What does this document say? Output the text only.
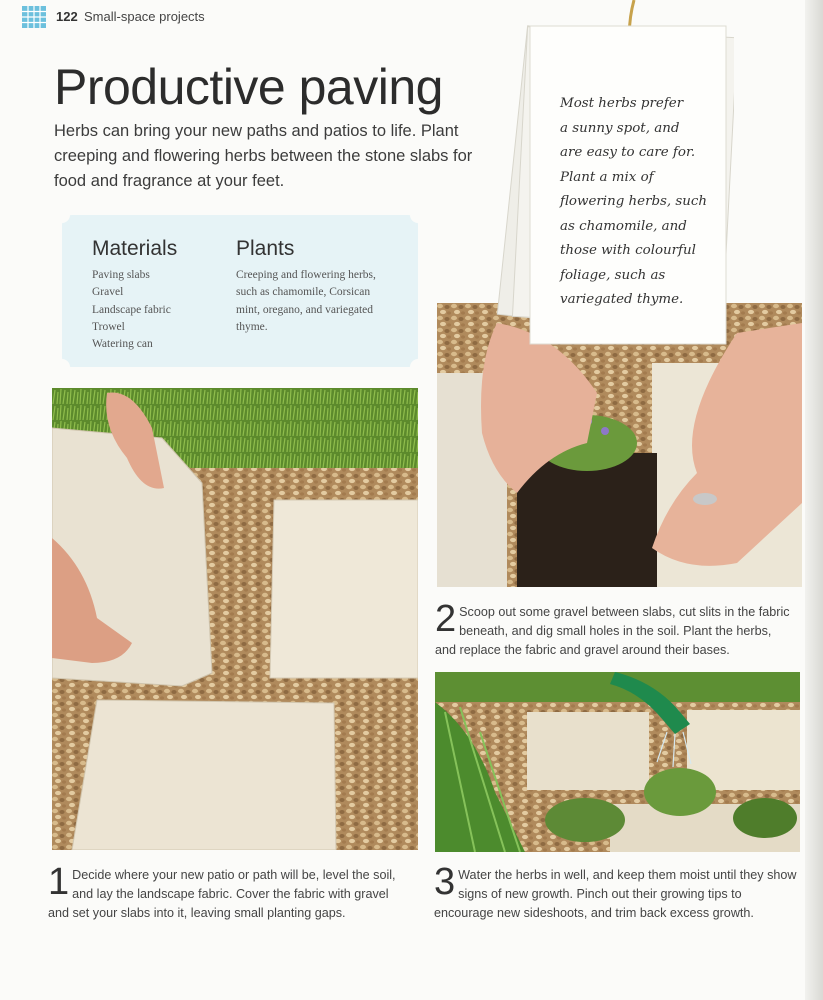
122 Small-space projects
Productive paving
Herbs can bring your new paths and patios to life. Plant creeping and flowering herbs between the stone slabs for food and fragrance at your feet.
Materials
Paving slabs
Gravel
Landscape fabric
Trowel
Watering can
Plants
Creeping and flowering herbs, such as chamomile, Corsican mint, oregano, and variegated thyme.
Most herbs prefer
a sunny spot, and
are easy to care for.
Plant a mix of
flowering herbs, such
as chamomile, and
those with colourful
foliage, such as
variegated thyme.
1 Decide where your new patio or path will be, level the soil, and lay the landscape fabric. Cover the fabric with gravel and set your slabs into it, leaving small planting gaps.
2 Scoop out some gravel between slabs, cut slits in the fabric beneath, and dig small holes in the soil. Plant the herbs, and replace the fabric and gravel around their bases.
3 Water the herbs in well, and keep them moist until they show signs of new growth. Pinch out their growing tips to encourage new sideshoots, and trim back excess growth.
